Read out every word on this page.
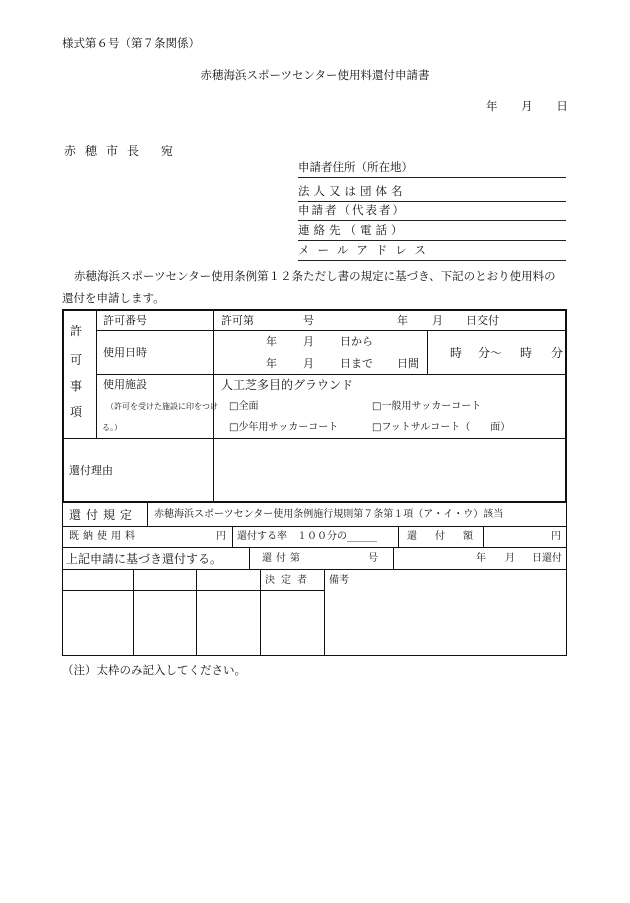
様式第６号（第７条関係）
赤穂海浜スポーツセンター使用料還付申請書
年 月 日
赤穂市長 宛
申請者住所（所在地）
法人又は団体名
申請者（代表者）
連絡先（電話）
メールアドレス
赤穂海浜スポーツセンター使用条例第１２条ただし書の規定に基づき、下記のとおり使用料の
還付を申請します。
許
可
事
項
許可番号	許可第	号	年 月 日交付
使用日時
年 月 日から
年 月 日まで 日間
時 分〜 時 分
使用施設
（許可を受けた施設に印をつけ
る。）
人工芝多目的グラウンド
□全面	□一般用サッカーコート
□少年用サッカーコート	□フットサルコート（　　面）
還付理由
還付規定 赤穂海浜スポーツセンター使用条例施行規則第７条第１項（ア・イ・ウ）該当
既納使用料	円 還付する率　１００分の______	還付額	円
上記申請に基づき還付する。	還付第	号	年 月 日還付
決定者 備考
（注）太枠のみ記入してください。
